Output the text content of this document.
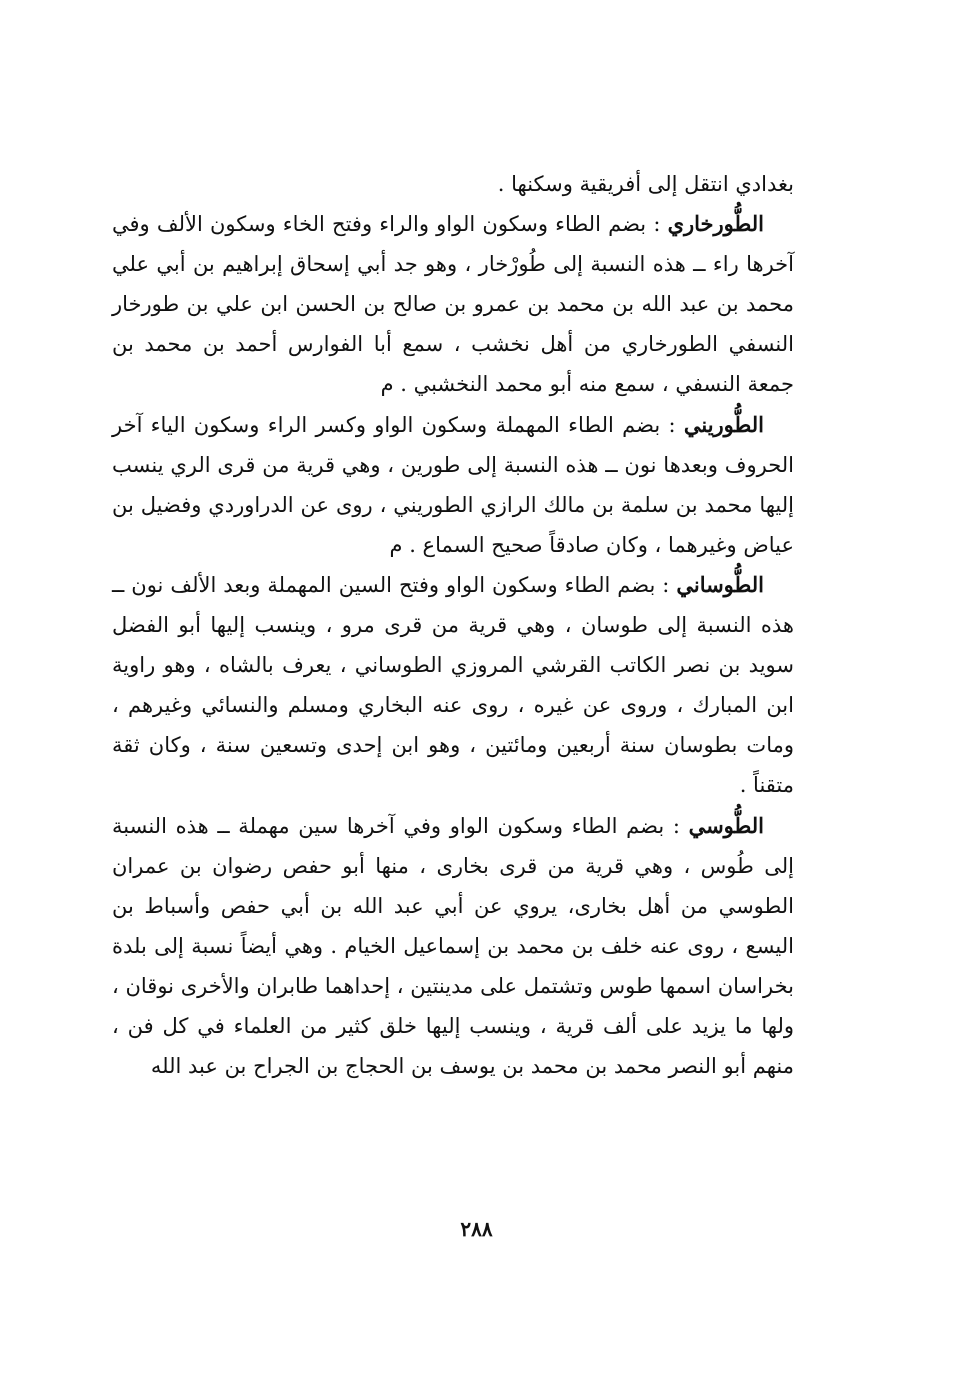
بغدادي انتقل إلى أفريقية وسكنها .

الطُّورخاري : بضم الطاء وسكون الواو والراء وفتح الخاء وسكون الألف وفي آخرها راء ــ هذه النسبة إلى طُورْخار ، وهو جد أبي إسحاق إبراهيم بن أبي علي محمد بن عبد الله بن محمد بن عمرو بن صالح بن الحسن ابن علي بن طورخار النسفي الطورخاري من أهل نخشب ، سمع أبا الفوارس أحمد بن محمد بن جمعة النسفي ، سمع منه أبو محمد النخشبي . م

الطُّوريني : بضم الطاء المهملة وسكون الواو وكسر الراء وسكون الياء آخر الحروف وبعدها نون ــ هذه النسبة إلى طورين ، وهي قرية من قرى الري ينسب إليها محمد بن سلمة بن مالك الرازي الطوريني ، روى عن الدراوردي وفضيل بن عياض وغيرهما ، وكان صادقاً صحيح السماع . م

الطُّوساني : بضم الطاء وسكون الواو وفتح السين المهملة وبعد الألف نون ــ هذه النسبة إلى طوسان ، وهي قرية من قرى مرو ، وينسب إليها أبو الفضل سويد بن نصر الكاتب القرشي المروزي الطوساني ، يعرف بالشاه ، وهو راوية ابن المبارك ، وروى عن غيره ، روى عنه البخاري ومسلم والنسائي وغيرهم ، ومات بطوسان سنة أربعين ومائتين ، وهو ابن إحدى وتسعين سنة ، وكان ثقة متقناً .

الطُّوسي : بضم الطاء وسكون الواو وفي آخرها سين مهملة ــ هذه النسبة إلى طُوس ، وهي قرية من قرى بخارى ، منها أبو حفص رضوان بن عمران الطوسي من أهل بخارى، يروي عن أبي عبد الله بن أبي حفص وأسباط بن اليسع ، روى عنه خلف بن محمد بن إسماعيل الخيام . وهي أيضاً نسبة إلى بلدة بخراسان اسمها طوس وتشتمل على مدينتين ، إحداهما طابران والأخرى نوقان ، ولها ما يزيد على ألف قرية ، وينسب إليها خلق كثير من العلماء في كل فن ، منهم أبو النصر محمد بن محمد بن يوسف بن الحجاج بن الجراح بن عبد الله

٢٨٨
